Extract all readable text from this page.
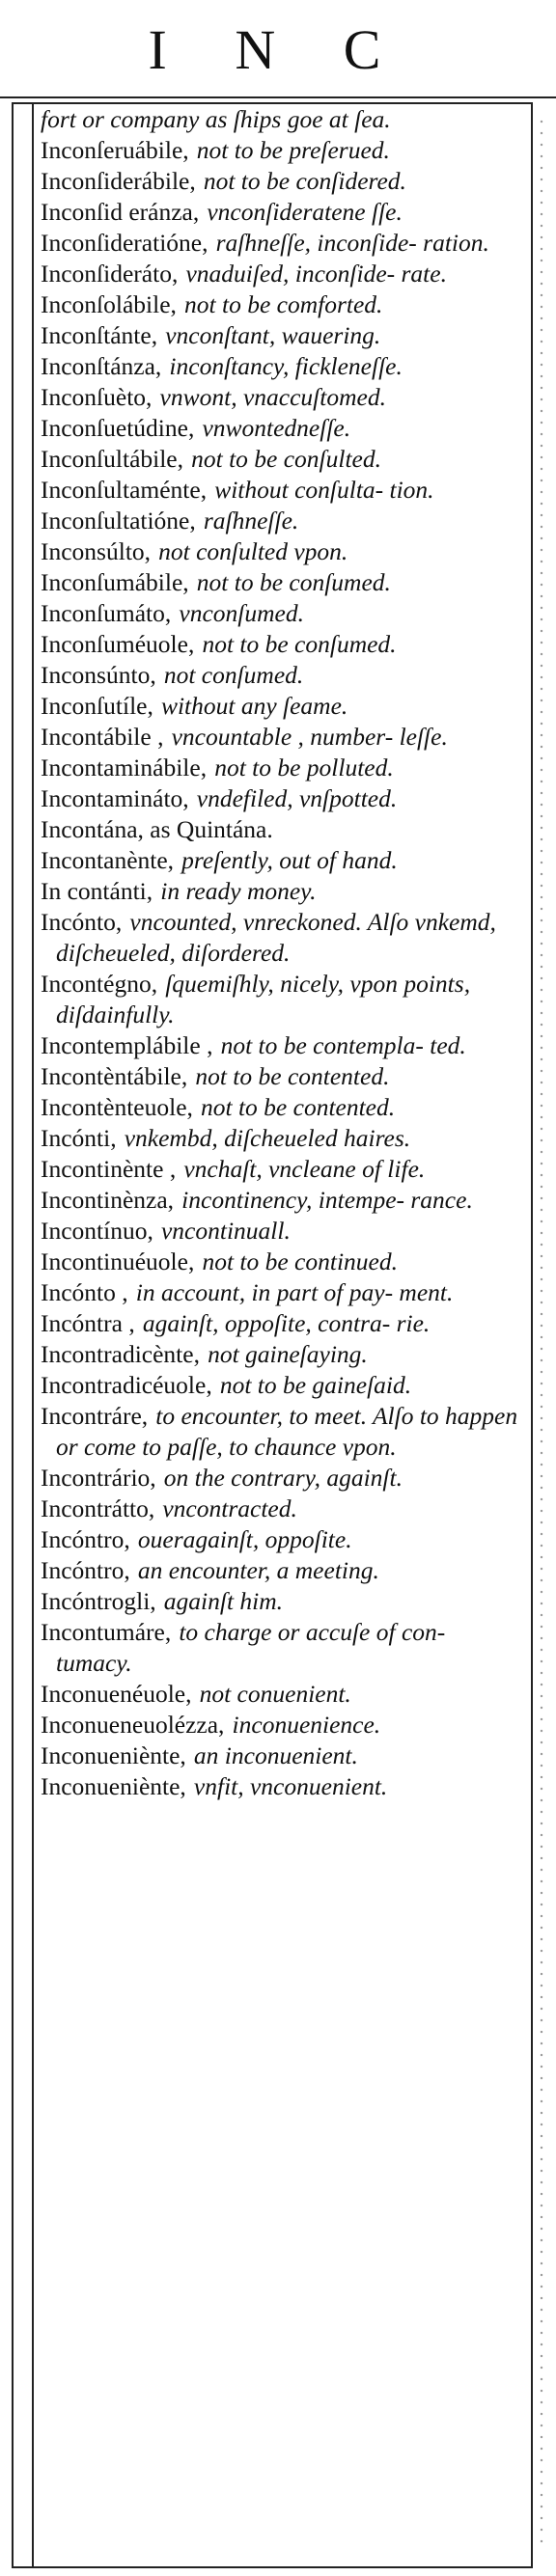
I N C
fort or company as ſhips goe at ſea.
Inconſeruábile, not to be preſerued.
Inconſiderábile, not to be conſidered.
Inconſid eránza, vnconſideratene ſſe.
Inconſideratióne, raſhneſſe, inconſide- ration.
Inconſideráto, vnaduiſed, inconſide- rate.
Inconſolábile, not to be comforted.
Inconſtánte, vnconſtant, wauering.
Inconſtánza, inconſtancy, fickleneſſe.
Inconſuèto, vnwont, vnaccuſtomed.
Inconſuetúdine, vnwontedneſſe.
Inconſultábile, not to be conſulted.
Inconſultaménte, without conſulta- tion.
Inconſultatióne, raſhneſſe.
Inconsúlto, not conſulted vpon.
Inconſumábile, not to be conſumed.
Inconſumáto, vnconſumed.
Inconſuméuole, not to be conſumed.
Inconsúnto, not conſumed.
Inconſutíle, without any ſeame.
Incontábile , vncountable , number- leſſe.
Incontaminábile, not to be polluted.
Incontamináto, vndefiled, vnſpotted.
Incontána, as Quintána.
Incontanènte, preſently, out of hand.
In contánti, in ready money.
Incónto, vncounted, vnreckoned. Alſo vnkemd, diſcheueled, diſordered.
Incontégno, ſquemiſhly, nicely, vpon points, diſdainfully.
Incontemplábile , not to be contempla- ted.
Incontèntábile, not to be contented.
Incontènteuole, not to be contented.
Incónti, vnkembd, diſcheueled haires.
Incontinènte , vnchaſt, vncleane of life.
Incontinènza, incontinency, intempe- rance.
Incontínuo, vncontinuall.
Incontinuéuole, not to be continued.
Incónto , in account, in part of pay- ment.
Incóntra , againſt, oppoſite, contra- rie.
Incontradicènte, not gaineſaying.
Incontradicéuole, not to be gaineſaid.
Incontráre, to encounter, to meet. Alſo to happen or come to paſſe, to chaunce vpon.
Incontrário, on the contrary, againſt.
Incontrátto, vncontracted.
Incóntro, oueragainſt, oppoſite.
Incóntro, an encounter, a meeting.
Incóntrogli, againſt him.
Incontumáre, to charge or accuſe of con- tumacy.
Inconuenéuole, not conuenient.
Inconueneuolézza, inconuenience.
Inconueniènte, an inconuenient.
Inconueniènte, vnfit, vnconuenient.
